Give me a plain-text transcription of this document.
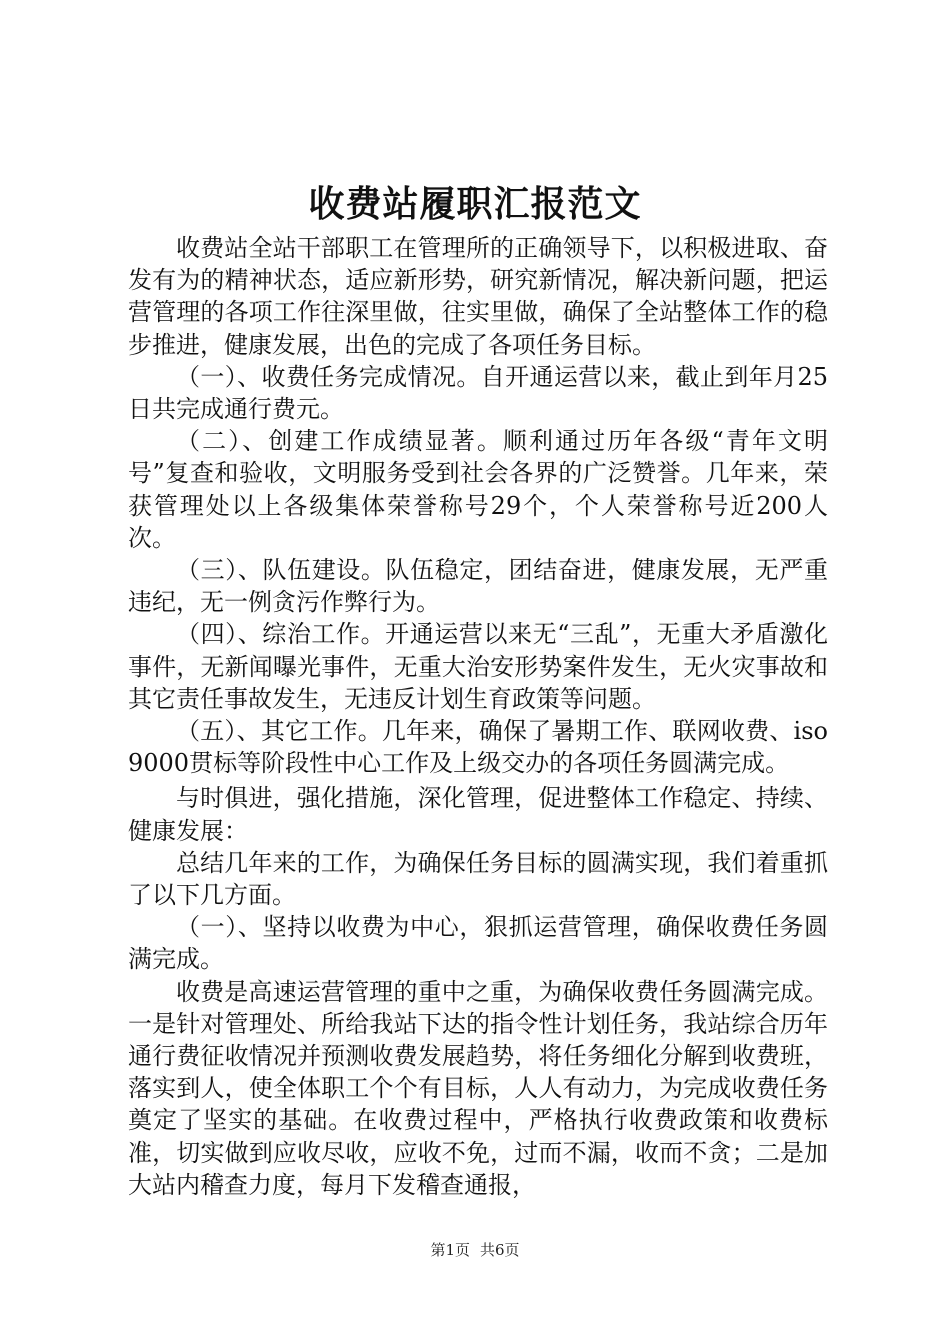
收费站履职汇报范文

收费站全站干部职工在管理所的正确领导下，以积极进取、奋发有为的精神状态，适应新形势，研究新情况，解决新问题，把运营管理的各项工作往深里做，往实里做，确保了全站整体工作的稳步推进，健康发展，出色的完成了各项任务目标。

（一）、收费任务完成情况。自开通运营以来，截止到年月25日共完成通行费元。

（二）、创建工作成绩显著。顺利通过历年各级“青年文明号”复查和验收，文明服务受到社会各界的广泛赞誉。几年来，荣获管理处以上各级集体荣誉称号29个，个人荣誉称号近200人次。

（三）、队伍建设。队伍稳定，团结奋进，健康发展，无严重违纪，无一例贪污作弊行为。

（四）、综治工作。开通运营以来无“三乱”，无重大矛盾激化事件，无新闻曝光事件，无重大治安形势案件发生，无火灾事故和其它责任事故发生，无违反计划生育政策等问题。

（五）、其它工作。几年来，确保了暑期工作、联网收费、iso9000贯标等阶段性中心工作及上级交办的各项任务圆满完成。

与时俱进，强化措施，深化管理，促进整体工作稳定、持续、健康发展：

总结几年来的工作，为确保任务目标的圆满实现，我们着重抓了以下几方面。

（一）、坚持以收费为中心，狠抓运营管理，确保收费任务圆满完成。

收费是高速运营管理的重中之重，为确保收费任务圆满完成。一是针对管理处、所给我站下达的指令性计划任务，我站综合历年通行费征收情况并预测收费发展趋势，将任务细化分解到收费班，落实到人，使全体职工个个有目标，人人有动力，为完成收费任务奠定了坚实的基础。在收费过程中，严格执行收费政策和收费标准，切实做到应收尽收，应收不免，过而不漏，收而不贪；二是加大站内稽查力度，每月下发稽查通报，

第1页 共6页
